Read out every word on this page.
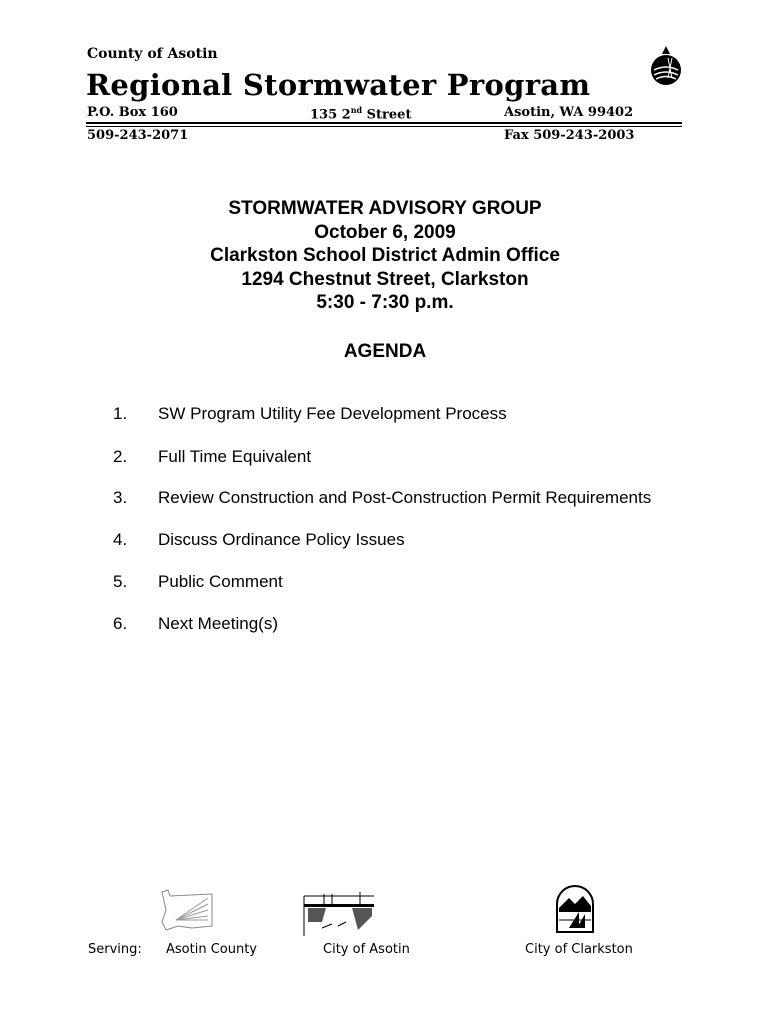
County of Asotin
Regional Stormwater Program
P.O. Box 160	135 2nd Street	Asotin, WA 99402
509-243-2071	Fax 509-243-2003
STORMWATER ADVISORY GROUP
October 6, 2009
Clarkston School District Admin Office
1294 Chestnut Street, Clarkston
5:30 - 7:30 p.m.
AGENDA
1. SW Program Utility Fee Development Process
2. Full Time Equivalent
3. Review Construction and Post-Construction Permit Requirements
4. Discuss Ordinance Policy Issues
5. Public Comment
6. Next Meeting(s)
Serving: Asotin County	City of Asotin	City of Clarkston
